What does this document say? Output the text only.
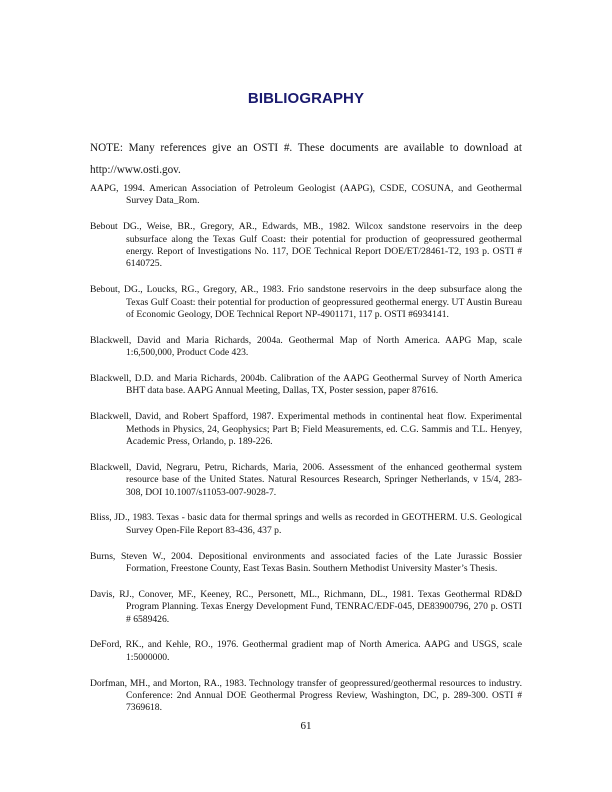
BIBLIOGRAPHY

NOTE: Many references give an OSTI #. These documents are available to download at http://www.osti.gov.

AAPG, 1994. American Association of Petroleum Geologist (AAPG), CSDE, COSUNA, and Geothermal Survey Data_Rom.

Bebout DG., Weise, BR., Gregory, AR., Edwards, MB., 1982. Wilcox sandstone reservoirs in the deep subsurface along the Texas Gulf Coast: their potential for production of geopressured geothermal energy. Report of Investigations No. 117, DOE Technical Report DOE/ET/28461-T2, 193 p. OSTI # 6140725.

Bebout, DG., Loucks, RG., Gregory, AR., 1983. Frio sandstone reservoirs in the deep subsurface along the Texas Gulf Coast: their potential for production of geopressured geothermal energy. UT Austin Bureau of Economic Geology, DOE Technical Report NP-4901171, 117 p. OSTI #6934141.

Blackwell, David and Maria Richards, 2004a. Geothermal Map of North America. AAPG Map, scale 1:6,500,000, Product Code 423.

Blackwell, D.D. and Maria Richards, 2004b. Calibration of the AAPG Geothermal Survey of North America BHT data base. AAPG Annual Meeting, Dallas, TX, Poster session, paper 87616.

Blackwell, David, and Robert Spafford, 1987. Experimental methods in continental heat flow. Experimental Methods in Physics, 24, Geophysics; Part B; Field Measurements, ed. C.G. Sammis and T.L. Henyey, Academic Press, Orlando, p. 189-226.

Blackwell, David, Negraru, Petru, Richards, Maria, 2006. Assessment of the enhanced geothermal system resource base of the United States. Natural Resources Research, Springer Netherlands, v 15/4, 283-308, DOI 10.1007/s11053-007-9028-7.

Bliss, JD., 1983. Texas - basic data for thermal springs and wells as recorded in GEOTHERM. U.S. Geological Survey Open-File Report 83-436, 437 p.

Burns, Steven W., 2004. Depositional environments and associated facies of the Late Jurassic Bossier Formation, Freestone County, East Texas Basin. Southern Methodist University Master’s Thesis.

Davis, RJ., Conover, MF., Keeney, RC., Personett, ML., Richmann, DL., 1981. Texas Geothermal RD&D Program Planning. Texas Energy Development Fund, TENRAC/EDF-045, DE83900796, 270 p. OSTI # 6589426.

DeFord, RK., and Kehle, RO., 1976. Geothermal gradient map of North America. AAPG and USGS, scale 1:5000000.

Dorfman, MH., and Morton, RA., 1983. Technology transfer of geopressured/geothermal resources to industry. Conference: 2nd Annual DOE Geothermal Progress Review, Washington, DC, p. 289-300. OSTI # 7369618.

61
